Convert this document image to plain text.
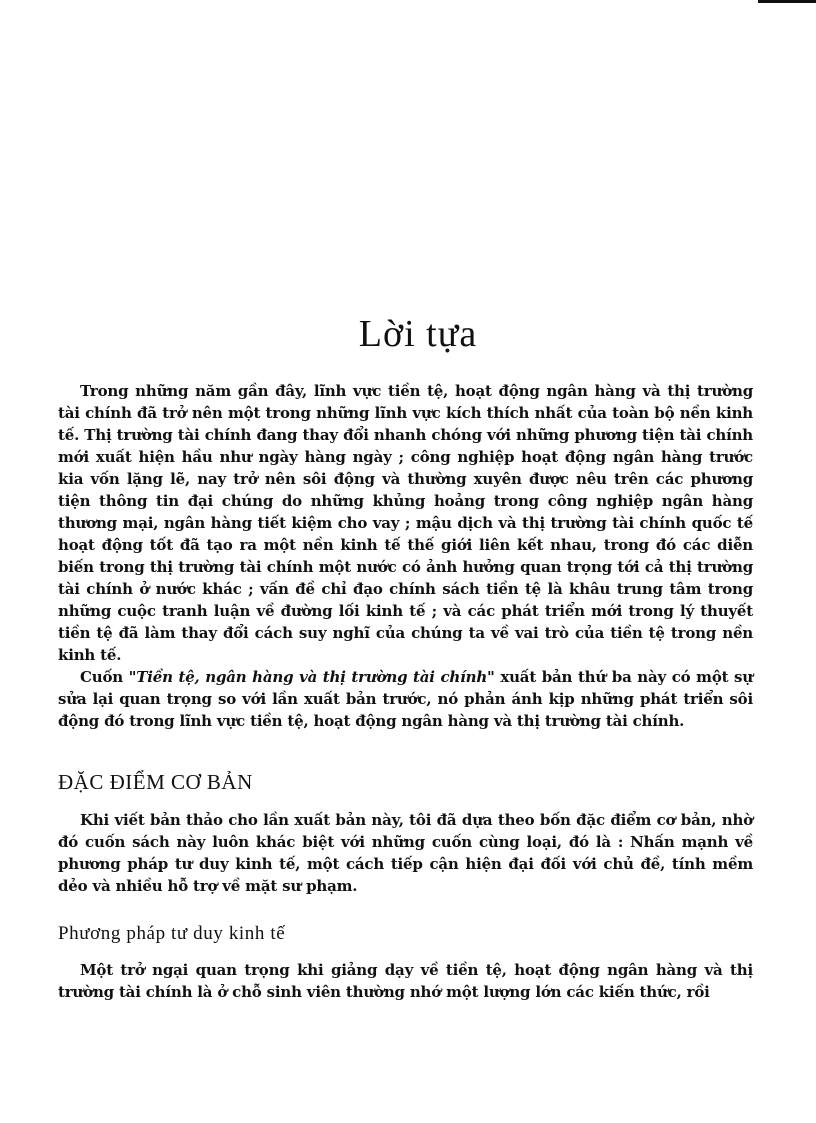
Lời tựa

Trong những năm gần đây, lĩnh vực tiền tệ, hoạt động ngân hàng và thị trường tài chính đã trở nên một trong những lĩnh vực kích thích nhất của toàn bộ nền kinh tế. Thị trường tài chính đang thay đổi nhanh chóng với những phương tiện tài chính mới xuất hiện hầu như ngày hàng ngày ; công nghiệp hoạt động ngân hàng trước kia vốn lặng lẽ, nay trở nên sôi động và thường xuyên được nêu trên các phương tiện thông tin đại chúng do những khủng hoảng trong công nghiệp ngân hàng thương mại, ngân hàng tiết kiệm cho vay ; mậu dịch và thị trường tài chính quốc tế hoạt động tốt đã tạo ra một nền kinh tế thế giới liên kết nhau, trong đó các diễn biến trong thị trường tài chính một nước có ảnh hưởng quan trọng tới cả thị trường tài chính ở nước khác ; vấn đề chỉ đạo chính sách tiền tệ là khâu trung tâm trong những cuộc tranh luận về đường lối kinh tế ; và các phát triển mới trong lý thuyết tiền tệ đã làm thay đổi cách suy nghĩ của chúng ta về vai trò của tiền tệ trong nền kinh tế.

Cuốn "Tiền tệ, ngân hàng và thị trường tài chính" xuất bản thứ ba này có một sự sửa lại quan trọng so với lần xuất bản trước, nó phản ánh kịp những phát triển sôi động đó trong lĩnh vực tiền tệ, hoạt động ngân hàng và thị trường tài chính.

ĐẶC ĐIỂM CƠ BẢN

Khi viết bản thảo cho lần xuất bản này, tôi đã dựa theo bốn đặc điểm cơ bản, nhờ đó cuốn sách này luôn khác biệt với những cuốn cùng loại, đó là : Nhấn mạnh về phương pháp tư duy kinh tế, một cách tiếp cận hiện đại đối với chủ đề, tính mềm dẻo và nhiều hỗ trợ về mặt sư phạm.

Phương pháp tư duy kinh tế

Một trở ngại quan trọng khi giảng dạy về tiền tệ, hoạt động ngân hàng và thị trường tài chính là ở chỗ sinh viên thường nhớ một lượng lớn các kiến thức, rồi
